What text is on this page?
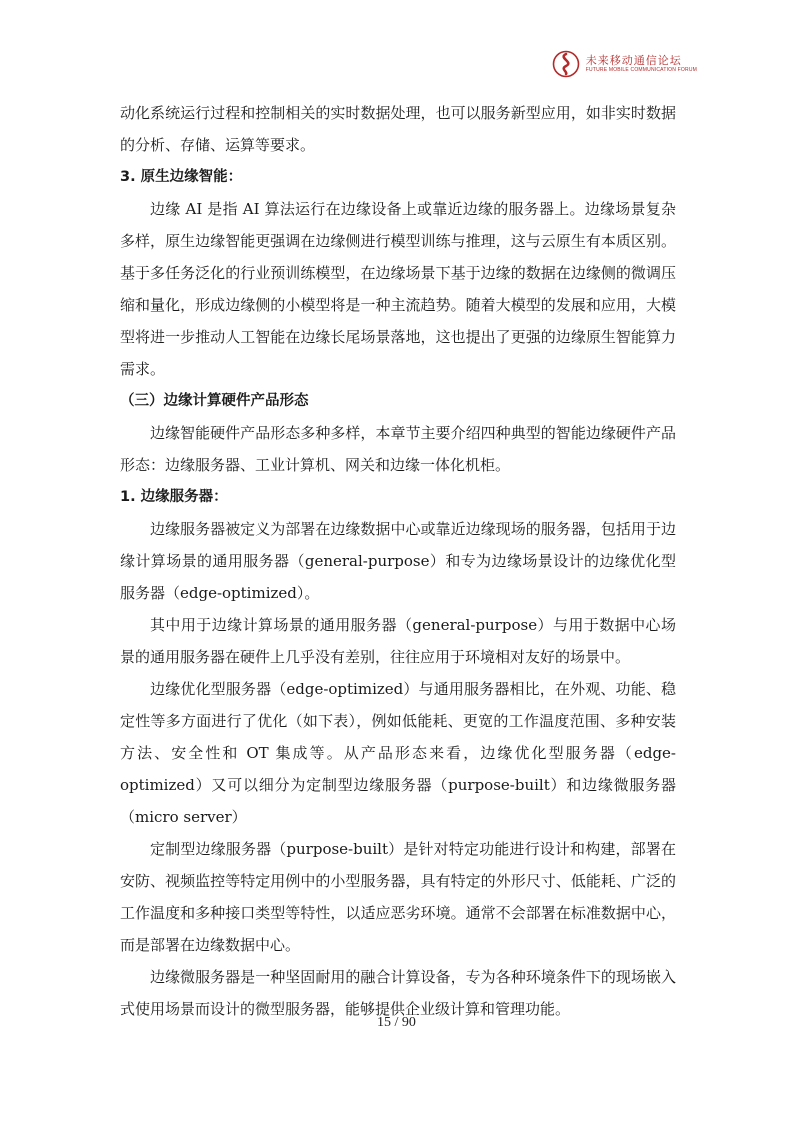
未来移动通信论坛
FUTURE MOBILE COMMUNICATION FORUM

动化系统运行过程和控制相关的实时数据处理，也可以服务新型应用，如非实时数据的分析、存储、运算等要求。

3. 原生边缘智能：

边缘 AI 是指 AI 算法运行在边缘设备上或靠近边缘的服务器上。边缘场景复杂多样，原生边缘智能更强调在边缘侧进行模型训练与推理，这与云原生有本质区别。基于多任务泛化的行业预训练模型，在边缘场景下基于边缘的数据在边缘侧的微调压缩和量化，形成边缘侧的小模型将是一种主流趋势。随着大模型的发展和应用，大模型将进一步推动人工智能在边缘长尾场景落地，这也提出了更强的边缘原生智能算力需求。

（三）边缘计算硬件产品形态

边缘智能硬件产品形态多种多样，本章节主要介绍四种典型的智能边缘硬件产品形态：边缘服务器、工业计算机、网关和边缘一体化机柜。

1. 边缘服务器：

边缘服务器被定义为部署在边缘数据中心或靠近边缘现场的服务器，包括用于边缘计算场景的通用服务器（general-purpose）和专为边缘场景设计的边缘优化型服务器（edge-optimized）。

其中用于边缘计算场景的通用服务器（general-purpose）与用于数据中心场景的通用服务器在硬件上几乎没有差别，往往应用于环境相对友好的场景中。

边缘优化型服务器（edge-optimized）与通用服务器相比，在外观、功能、稳定性等多方面进行了优化（如下表），例如低能耗、更宽的工作温度范围、多种安装方法、安全性和 OT 集成等。从产品形态来看，边缘优化型服务器（edge-optimized）又可以细分为定制型边缘服务器（purpose-built）和边缘微服务器（micro server）

定制型边缘服务器（purpose-built）是针对特定功能进行设计和构建，部署在安防、视频监控等特定用例中的小型服务器，具有特定的外形尺寸、低能耗、广泛的工作温度和多种接口类型等特性，以适应恶劣环境。通常不会部署在标准数据中心，而是部署在边缘数据中心。

边缘微服务器是一种坚固耐用的融合计算设备，专为各种环境条件下的现场嵌入式使用场景而设计的微型服务器，能够提供企业级计算和管理功能。

15 / 90
